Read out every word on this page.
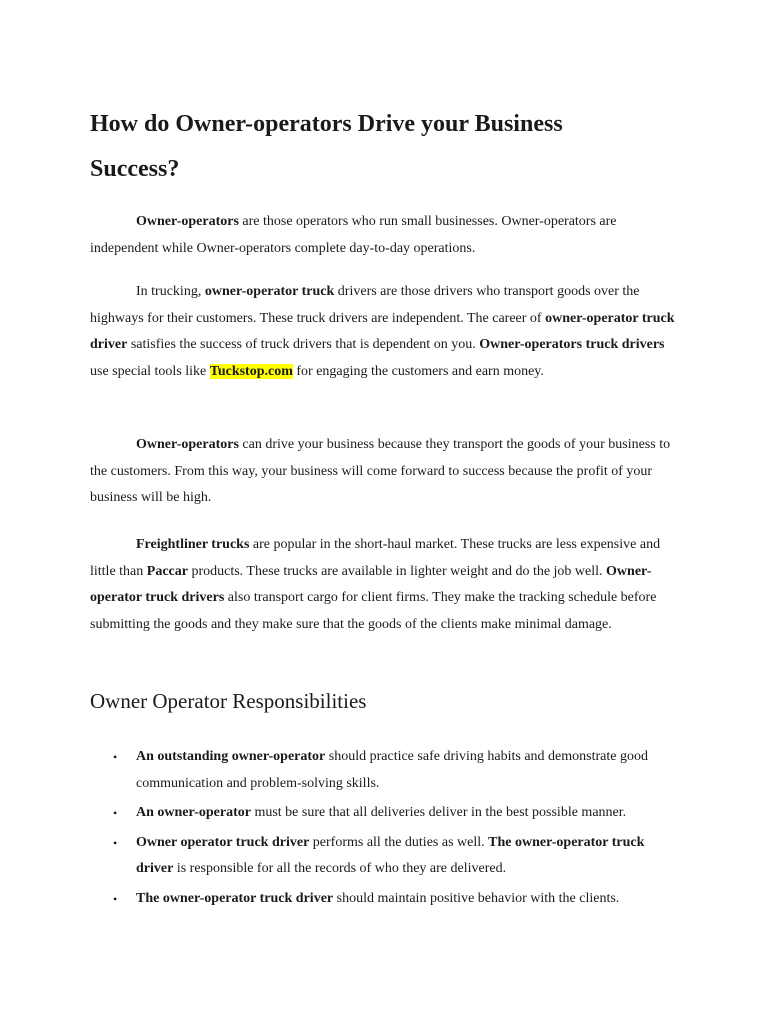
How do Owner-operators Drive your Business Success?

Owner-operators are those operators who run small businesses. Owner-operators are independent while Owner-operators complete day-to-day operations.

In trucking, owner-operator truck drivers are those drivers who transport goods over the highways for their customers. These truck drivers are independent. The career of owner-operator truck driver satisfies the success of truck drivers that is dependent on you. Owner-operators truck drivers use special tools like Tuckstop.com for engaging the customers and earn money.

Owner-operators can drive your business because they transport the goods of your business to the customers. From this way, your business will come forward to success because the profit of your business will be high.

Freightliner trucks are popular in the short-haul market. These trucks are less expensive and little than Paccar products. These trucks are available in lighter weight and do the job well. Owner-operator truck drivers also transport cargo for client firms. They make the tracking schedule before submitting the goods and they make sure that the goods of the clients make minimal damage.

Owner Operator Responsibilities
• An outstanding owner-operator should practice safe driving habits and demonstrate good communication and problem-solving skills.
• An owner-operator must be sure that all deliveries deliver in the best possible manner.
• Owner operator truck driver performs all the duties as well. The owner-operator truck driver is responsible for all the records of who they are delivered.
• The owner-operator truck driver should maintain positive behavior with the clients.
